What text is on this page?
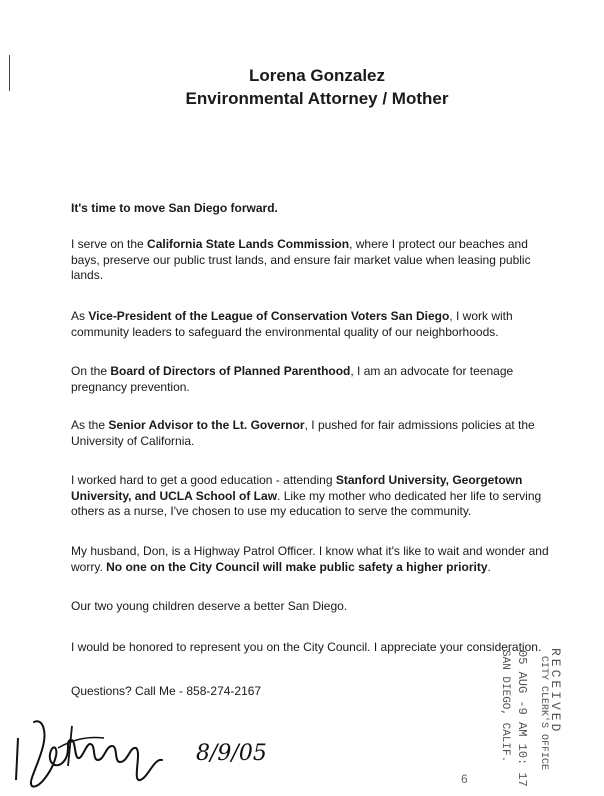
Lorena Gonzalez
Environmental Attorney / Mother
It's time to move San Diego forward.
I serve on the California State Lands Commission, where I protect our beaches and bays, preserve our public trust lands, and ensure fair market value when leasing public lands.
As Vice-President of the League of Conservation Voters San Diego, I work with community leaders to safeguard the environmental quality of our neighborhoods.
On the Board of Directors of Planned Parenthood, I am an advocate for teenage pregnancy prevention.
As the Senior Advisor to the Lt. Governor, I pushed for fair admissions policies at the University of California.
I worked hard to get a good education - attending Stanford University, Georgetown University, and UCLA School of Law. Like my mother who dedicated her life to serving others as a nurse, I've chosen to use my education to serve the community.
My husband, Don, is a Highway Patrol Officer. I know what it's like to wait and wonder and worry. No one on the City Council will make public safety a higher priority.
Our two young children deserve a better San Diego.
I would be honored to represent you on the City Council. I appreciate your consideration.
Questions? Call Me - 858-274-2167
8/9/05
RECEIVED
CITY CLERK'S OFFICE
05 AUG -9 AM 10: 17
SAN DIEGO, CALIF.
6
